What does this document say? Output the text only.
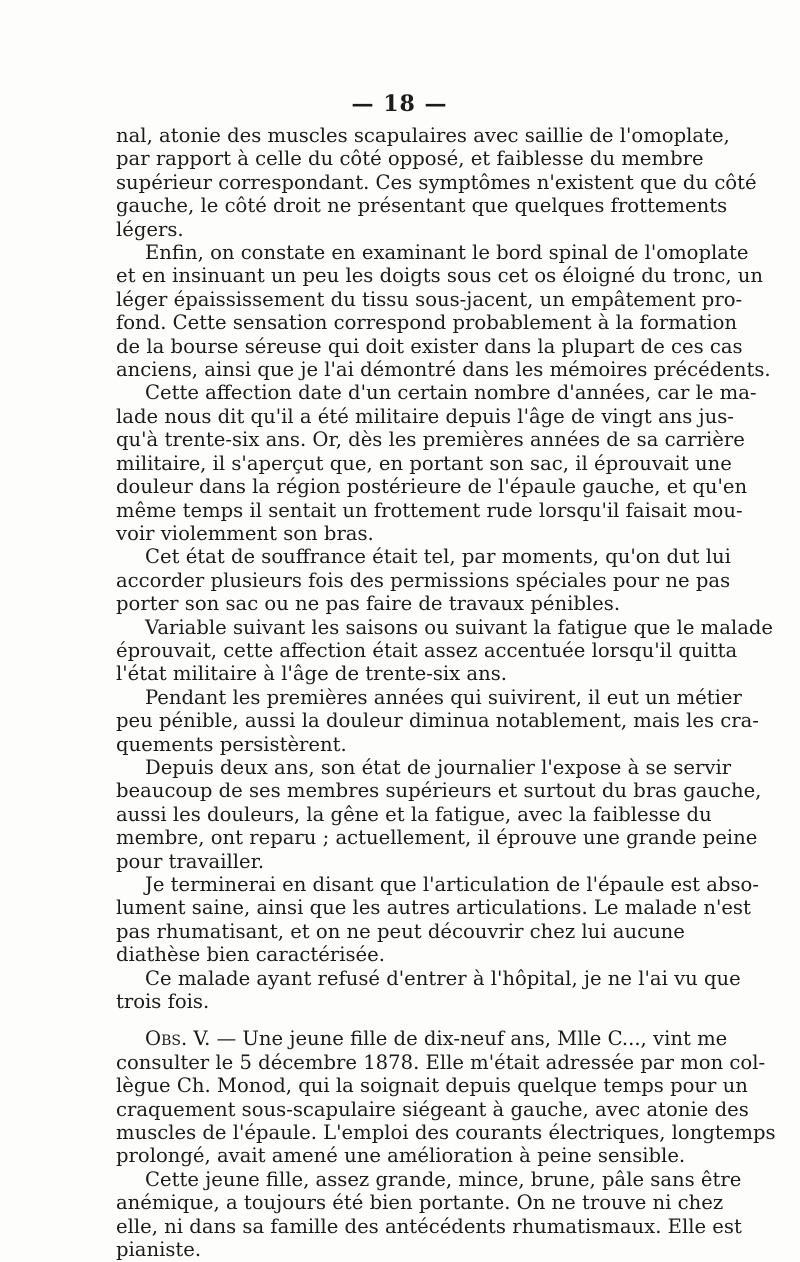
— 18 —
nal, atonie des muscles scapulaires avec saillie de l'omoplate,
par rapport à celle du côté opposé, et faiblesse du membre
supérieur correspondant. Ces symptômes n'existent que du côté
gauche, le côté droit ne présentant que quelques frottements
légers.
Enfin, on constate en examinant le bord spinal de l'omoplate
et en insinuant un peu les doigts sous cet os éloigné du tronc, un
léger épaississement du tissu sous-jacent, un empâtement pro-
fond. Cette sensation correspond probablement à la formation
de la bourse séreuse qui doit exister dans la plupart de ces cas
anciens, ainsi que je l'ai démontré dans les mémoires précédents.
Cette affection date d'un certain nombre d'années, car le ma-
lade nous dit qu'il a été militaire depuis l'âge de vingt ans jus-
qu'à trente-six ans. Or, dès les premières années de sa carrière
militaire, il s'aperçut que, en portant son sac, il éprouvait une
douleur dans la région postérieure de l'épaule gauche, et qu'en
même temps il sentait un frottement rude lorsqu'il faisait mou-
voir violemment son bras.
Cet état de souffrance était tel, par moments, qu'on dut lui
accorder plusieurs fois des permissions spéciales pour ne pas
porter son sac ou ne pas faire de travaux pénibles.
Variable suivant les saisons ou suivant la fatigue que le malade
éprouvait, cette affection était assez accentuée lorsqu'il quitta
l'état militaire à l'âge de trente-six ans.
Pendant les premières années qui suivirent, il eut un métier
peu pénible, aussi la douleur diminua notablement, mais les cra-
quements persistèrent.
Depuis deux ans, son état de journalier l'expose à se servir
beaucoup de ses membres supérieurs et surtout du bras gauche,
aussi les douleurs, la gêne et la fatigue, avec la faiblesse du
membre, ont reparu ; actuellement, il éprouve une grande peine
pour travailler.
Je terminerai en disant que l'articulation de l'épaule est abso-
lument saine, ainsi que les autres articulations. Le malade n'est
pas rhumatisant, et on ne peut découvrir chez lui aucune
diathèse bien caractérisée.
Ce malade ayant refusé d'entrer à l'hôpital, je ne l'ai vu que
trois fois.
Obs. V. — Une jeune fille de dix-neuf ans, Mlle C..., vint me
consulter le 5 décembre 1878. Elle m'était adressée par mon col-
lègue Ch. Monod, qui la soignait depuis quelque temps pour un
craquement sous-scapulaire siégeant à gauche, avec atonie des
muscles de l'épaule. L'emploi des courants électriques, longtemps
prolongé, avait amené une amélioration à peine sensible.
Cette jeune fille, assez grande, mince, brune, pâle sans être
anémique, a toujours été bien portante. On ne trouve ni chez
elle, ni dans sa famille des antécédents rhumatismaux. Elle est
pianiste.
